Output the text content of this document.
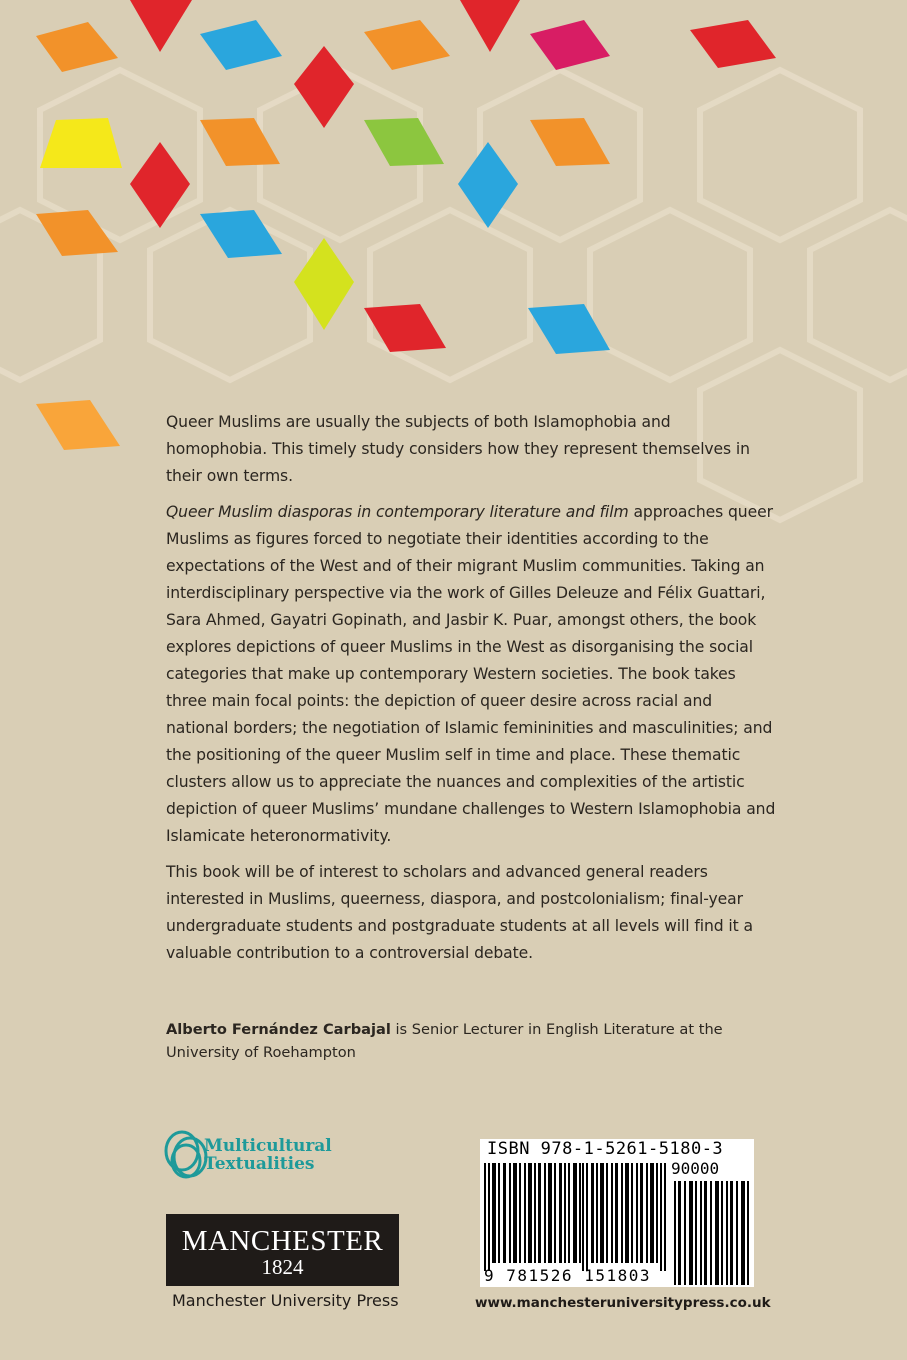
Queer Muslims are usually the subjects of both Islamophobia and homophobia. This timely study considers how they represent themselves in their own terms.

Queer Muslim diasporas in contemporary literature and film approaches queer Muslims as figures forced to negotiate their identities according to the expectations of the West and of their migrant Muslim communities. Taking an interdisciplinary perspective via the work of Gilles Deleuze and Félix Guattari, Sara Ahmed, Gayatri Gopinath, and Jasbir K. Puar, amongst others, the book explores depictions of queer Muslims in the West as disorganising the social categories that make up contemporary Western societies. The book takes three main focal points: the depiction of queer desire across racial and national borders; the negotiation of Islamic femininities and masculinities; and the positioning of the queer Muslim self in time and place. These thematic clusters allow us to appreciate the nuances and complexities of the artistic depiction of queer Muslims’ mundane challenges to Western Islamophobia and Islamicate heteronormativity.

This book will be of interest to scholars and advanced general readers interested in Muslims, queerness, diaspora, and postcolonialism; final-year undergraduate students and postgraduate students at all levels will find it a valuable contribution to a controversial debate.

Alberto Fernández Carbajal is Senior Lecturer in English Literature at the University of Roehampton
Multicultural
Textualities
MANCHESTER
1824
Manchester University Press
ISBN 978-1-5261-5180-3
90000
9 781526 151803
www.manchesteruniversitypress.co.uk
